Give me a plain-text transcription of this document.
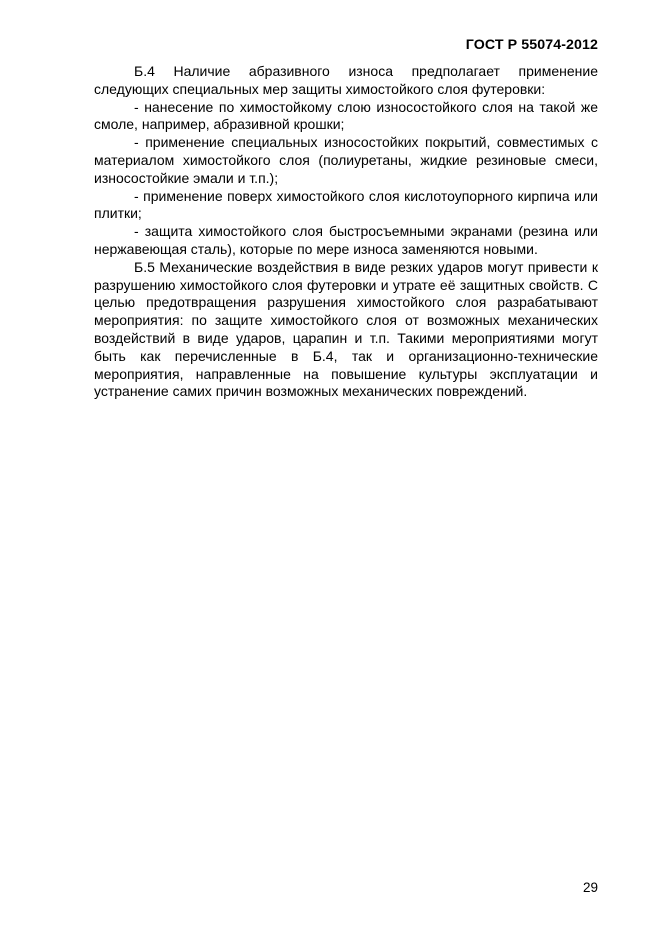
ГОСТ Р 55074-2012

Б.4 Наличие абразивного износа предполагает применение следующих специальных мер защиты химостойкого слоя футеровки:

- нанесение по химостойкому слою износостойкого слоя на такой же смоле, например, абразивной крошки;

- применение специальных износостойких покрытий, совместимых с материалом химостойкого слоя (полиуретаны, жидкие резиновые смеси, износостойкие эмали и т.п.);

- применение поверх химостойкого слоя кислотоупорного кирпича или плитки;

- защита химостойкого слоя быстросъемными экранами (резина или нержавеющая сталь), которые по мере износа заменяются новыми.

Б.5 Механические воздействия в виде резких ударов могут привести к разрушению химостойкого слоя футеровки и утрате её защитных свойств. С целью предотвращения разрушения химостойкого слоя разрабатывают мероприятия: по защите химостойкого слоя от возможных механических воздействий в виде ударов, царапин и т.п. Такими мероприятиями могут быть как перечисленные в Б.4, так и организационно-технические мероприятия, направленные на повышение культуры эксплуатации и устранение самих причин возможных механических повреждений.

29
